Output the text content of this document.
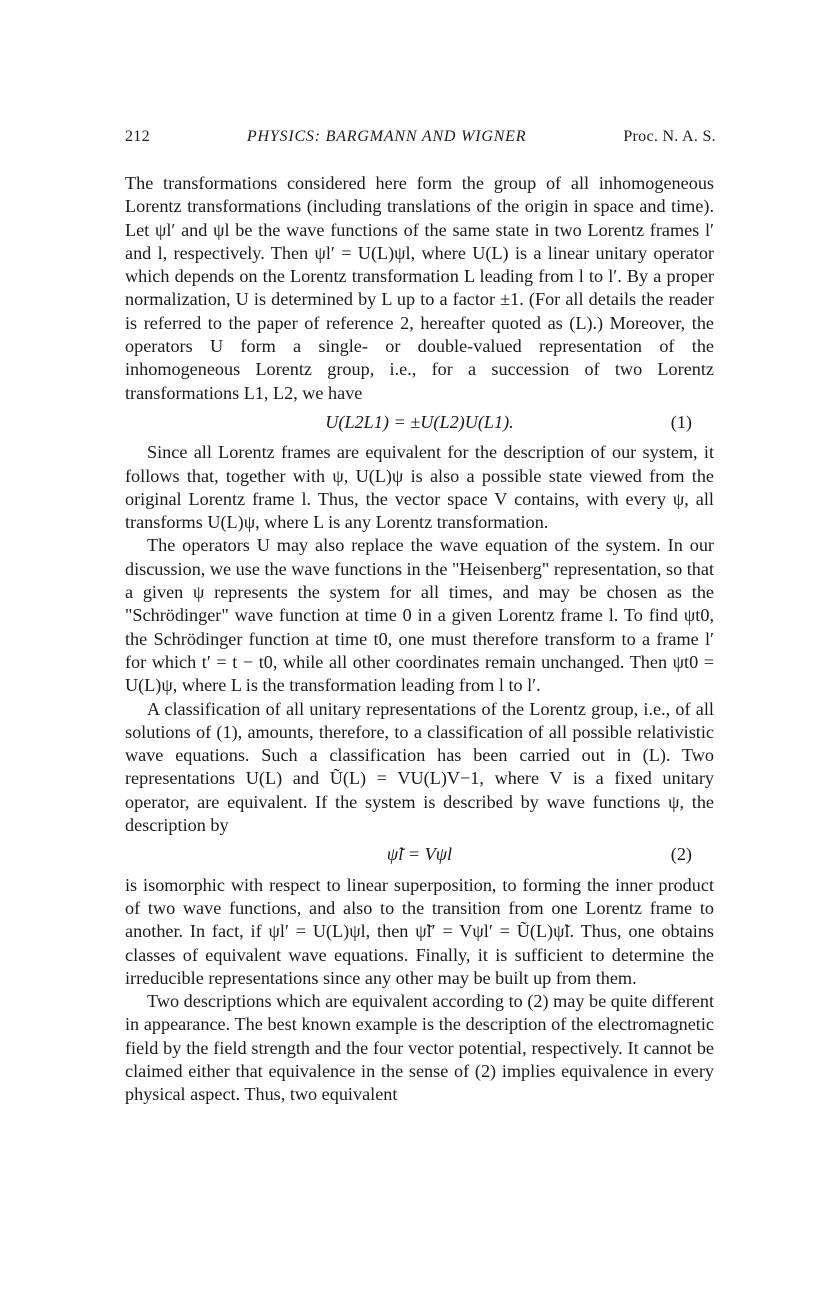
212	PHYSICS: BARGMANN AND WIGNER	Proc. N. A. S.

The transformations considered here form the group of all inhomogeneous Lorentz transformations (including translations of the origin in space and time). Let ψl′ and ψl be the wave functions of the same state in two Lorentz frames l′ and l, respectively. Then ψl′ = U(L)ψl, where U(L) is a linear unitary operator which depends on the Lorentz transformation L leading from l to l′. By a proper normalization, U is determined by L up to a factor ±1. (For all details the reader is referred to the paper of reference 2, hereafter quoted as (L).) Moreover, the operators U form a single- or double-valued representation of the inhomogeneous Lorentz group, i.e., for a succession of two Lorentz transformations L1, L2, we have

U(L2L1) = ±U(L2)U(L1).	(1)

Since all Lorentz frames are equivalent for the description of our system, it follows that, together with ψ, U(L)ψ is also a possible state viewed from the original Lorentz frame l. Thus, the vector space V contains, with every ψ, all transforms U(L)ψ, where L is any Lorentz transformation.

The operators U may also replace the wave equation of the system. In our discussion, we use the wave functions in the "Heisenberg" representation, so that a given ψ represents the system for all times, and may be chosen as the "Schrödinger" wave function at time 0 in a given Lorentz frame l. To find ψt0, the Schrödinger function at time t0, one must therefore transform to a frame l′ for which t′ = t − t0, while all other coordinates remain unchanged. Then ψt0 = U(L)ψ, where L is the transformation leading from l to l′.

A classification of all unitary representations of the Lorentz group, i.e., of all solutions of (1), amounts, therefore, to a classification of all possible relativistic wave equations. Such a classification has been carried out in (L). Two representations U(L) and Ũ(L) = VU(L)V−1, where V is a fixed unitary operator, are equivalent. If the system is described by wave functions ψ, the description by

ψ̃l = Vψl	(2)

is isomorphic with respect to linear superposition, to forming the inner product of two wave functions, and also to the transition from one Lorentz frame to another. In fact, if ψl′ = U(L)ψl, then ψ̃l′ = Vψl′ = Ũ(L)ψ̃l. Thus, one obtains classes of equivalent wave equations. Finally, it is sufficient to determine the irreducible representations since any other may be built up from them.

Two descriptions which are equivalent according to (2) may be quite different in appearance. The best known example is the description of the electromagnetic field by the field strength and the four vector potential, respectively. It cannot be claimed either that equivalence in the sense of (2) implies equivalence in every physical aspect. Thus, two equivalent
